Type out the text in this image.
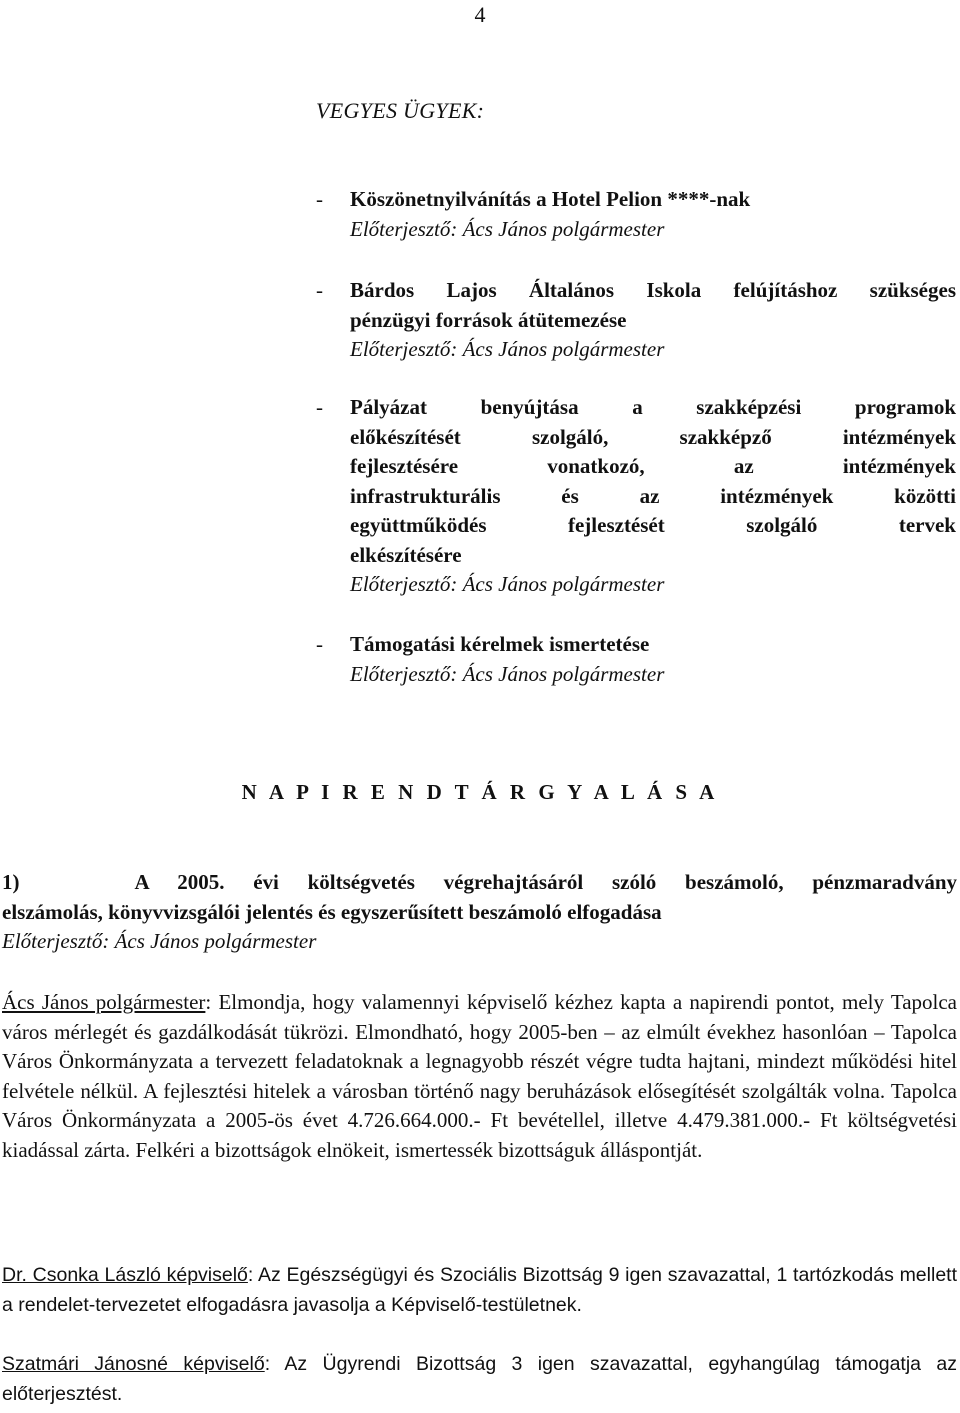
4
VEGYES ÜGYEK:
- Köszönetnyilvánítás a Hotel Pelion ****-nak
Előterjesztő: Ács János polgármester
- Bárdos Lajos Általános Iskola felújításhoz szükséges
pénzügyi források átütemezése
Előterjesztő: Ács János polgármester
- Pályázat benyújtása a szakképzési programok
előkészítését szolgáló, szakképző intézmények
fejlesztésére vonatkozó, az intézmények
infrastrukturális és az intézmények közötti
együttműködés fejlesztését szolgáló tervek
elkészítésére
Előterjesztő: Ács János polgármester
- Támogatási kérelmek ismertetése
Előterjesztő: Ács János polgármester
N A P I R E N D T Á R G Y A L Á S A
1)	A 2005. évi költségvetés végrehajtásáról szóló beszámoló, pénzmaradvány
elszámolás, könyvvizsgálói jelentés és egyszerűsített beszámoló elfogadása
Előterjesztő: Ács János polgármester
Ács János polgármester: Elmondja, hogy valamennyi képviselő kézhez kapta a napirendi pontot, mely Tapolca város mérlegét és gazdálkodását tükrözi. Elmondható, hogy 2005-ben – az elmúlt évekhez hasonlóan – Tapolca Város Önkormányzata a tervezett feladatoknak a legnagyobb részét végre tudta hajtani, mindezt működési hitel felvétele nélkül. A fejlesztési hitelek a városban történő nagy beruházások elősegítését szolgálták volna. Tapolca Város Önkormányzata a 2005-ös évet 4.726.664.000.- Ft bevétellel, illetve 4.479.381.000.- Ft költségvetési kiadással zárta. Felkéri a bizottságok elnökeit, ismertessék bizottságuk álláspontját.
Dr. Csonka László képviselő: Az Egészségügyi és Szociális Bizottság 9 igen szavazattal, 1 tartózkodás mellett a rendelet-tervezetet elfogadásra javasolja a Képviselő-testületnek.
Szatmári Jánosné képviselő: Az Ügyrendi Bizottság 3 igen szavazattal, egyhangúlag támogatja az előterjesztést.
